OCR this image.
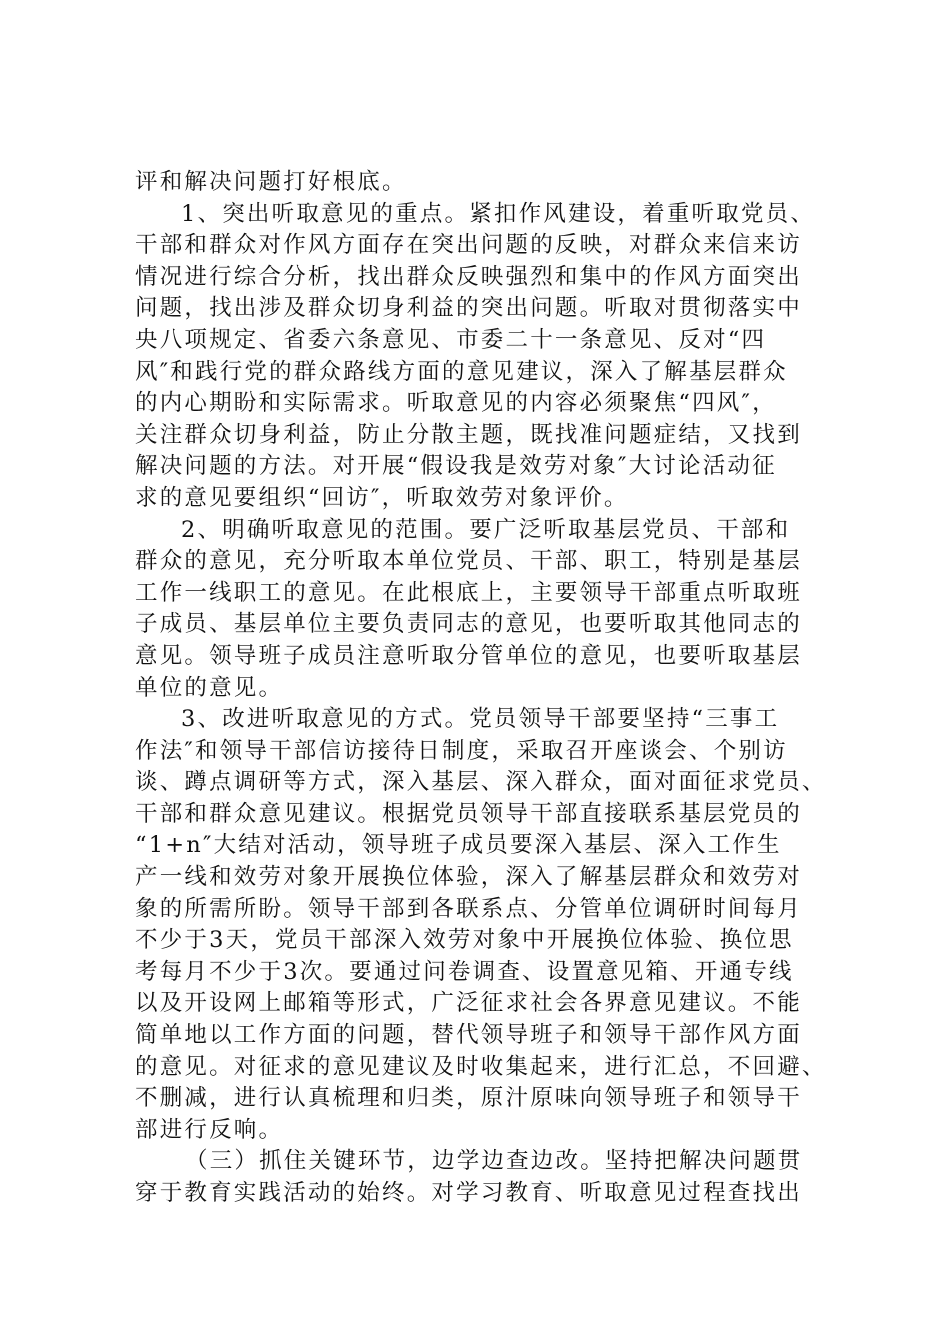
评和解决问题打好根底。
1、突出听取意见的重点。紧扣作风建设，着重听取党员、
干部和群众对作风方面存在突出问题的反映，对群众来信来访
情况进行综合分析，找出群众反映强烈和集中的作风方面突出
问题，找出涉及群众切身利益的突出问题。听取对贯彻落实中
央八项规定、省委六条意见、市委二十一条意见、反对“四
风″和践行党的群众路线方面的意见建议，深入了解基层群众
的内心期盼和实际需求。听取意见的内容必须聚焦“四风″，
关注群众切身利益，防止分散主题，既找准问题症结，又找到
解决问题的方法。对开展“假设我是效劳对象″大讨论活动征
求的意见要组织“回访″，听取效劳对象评价。
2、明确听取意见的范围。要广泛听取基层党员、干部和
群众的意见，充分听取本单位党员、干部、职工，特别是基层
工作一线职工的意见。在此根底上，主要领导干部重点听取班
子成员、基层单位主要负责同志的意见，也要听取其他同志的
意见。领导班子成员注意听取分管单位的意见，也要听取基层
单位的意见。
3、改进听取意见的方式。党员领导干部要坚持“三事工
作法″和领导干部信访接待日制度，采取召开座谈会、个别访
谈、蹲点调研等方式，深入基层、深入群众，面对面征求党员、
干部和群众意见建议。根据党员领导干部直接联系基层党员的
“1+n″大结对活动，领导班子成员要深入基层、深入工作生
产一线和效劳对象开展换位体验，深入了解基层群众和效劳对
象的所需所盼。领导干部到各联系点、分管单位调研时间每月
不少于3天，党员干部深入效劳对象中开展换位体验、换位思
考每月不少于3次。要通过问卷调查、设置意见箱、开通专线
以及开设网上邮箱等形式，广泛征求社会各界意见建议。不能
简单地以工作方面的问题，替代领导班子和领导干部作风方面
的意见。对征求的意见建议及时收集起来，进行汇总，不回避、
不删减，进行认真梳理和归类，原汁原味向领导班子和领导干
部进行反响。
（三）抓住关键环节，边学边查边改。坚持把解决问题贯
穿于教育实践活动的始终。对学习教育、听取意见过程查找出
